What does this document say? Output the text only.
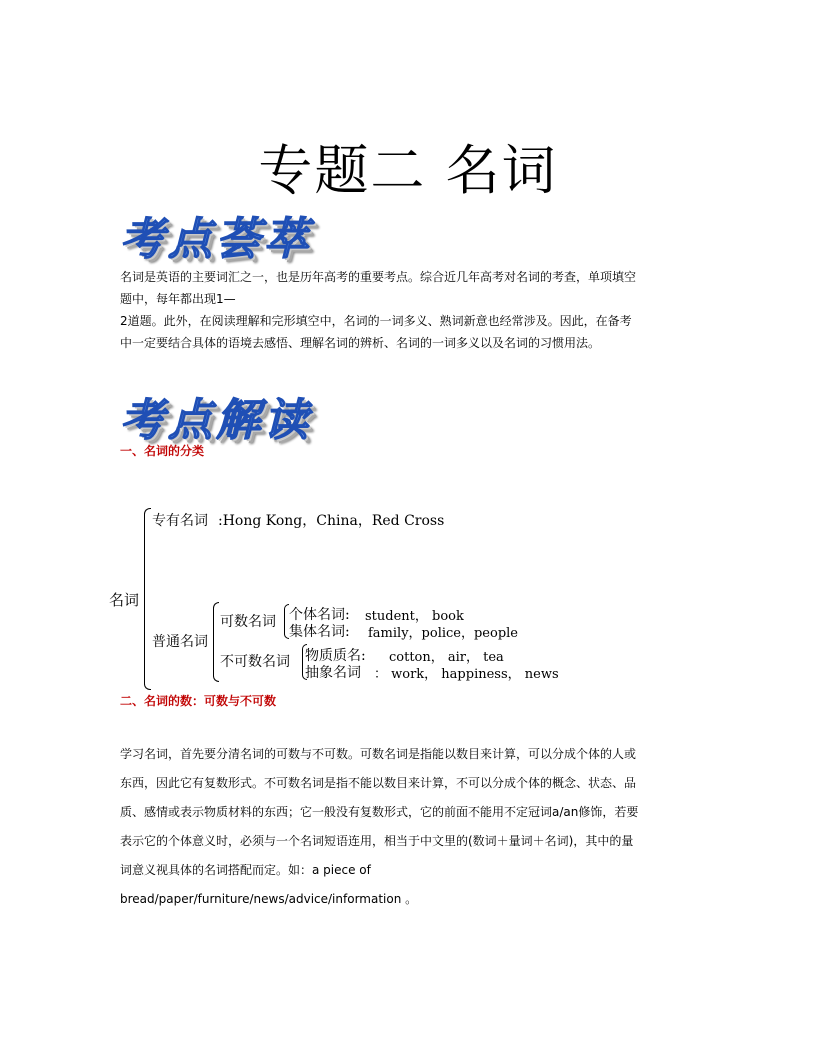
专题二 名词
考点荟萃
名词是英语的主要词汇之一，也是历年高考的重要考点。综合近几年高考对名词的考查，单项填空
题中，每年都出现1—
2道题。此外，在阅读理解和完形填空中，名词的一词多义、熟词新意也经常涉及。因此，在备考
中一定要结合具体的语境去感悟、理解名词的辨析、名词的一词多义以及名词的习惯用法。
考点解读
一、名词的分类
名词
专有名词 :Hong Kong，China，Red Cross
普通名词
可数名词 个体名词: student， book
集体名词: family，police，people
不可数名词 物质质名: cotton， air， tea
抽象名词 ： work， happiness， news
二、名词的数：可数与不可数
学习名词，首先要分清名词的可数与不可数。可数名词是指能以数目来计算，可以分成个体的人或
东西，因此它有复数形式。不可数名词是指不能以数目来计算，不可以分成个体的概念、状态、品
质、感情或表示物质材料的东西；它一般没有复数形式，它的前面不能用不定冠词a/an修饰，若要
表示它的个体意义时，必须与一个名词短语连用，相当于中文里的(数词＋量词＋名词)，其中的量
词意义视具体的名词搭配而定。如：a piece of
bread/paper/furniture/news/advice/information 。
